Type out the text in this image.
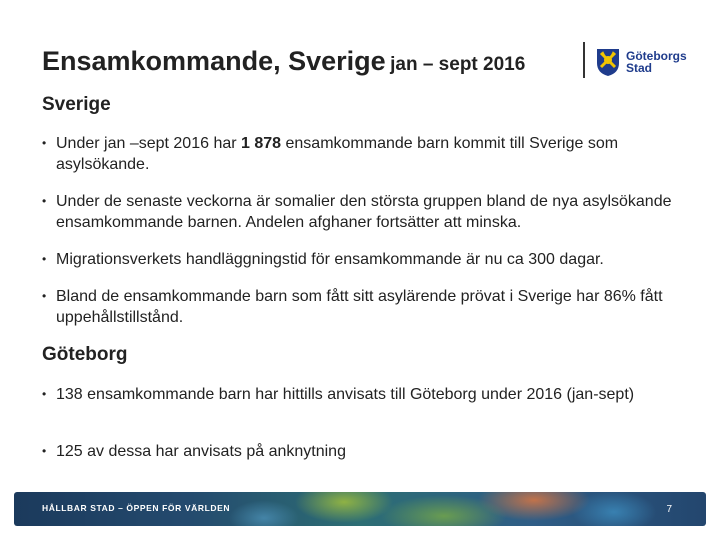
Ensamkommande, Sverige jan – sept 2016	Göteborgs
Stad
Sverige
• Under jan –sept 2016 har 1 878 ensamkommande barn kommit till Sverige som asylsökande.
• Under de senaste veckorna är somalier den största gruppen bland de nya asylsökande ensamkommande barnen. Andelen afghaner fortsätter att minska.
• Migrationsverkets handläggningstid för ensamkommande är nu ca 300 dagar.
• Bland de ensamkommande barn som fått sitt asylärende prövat i Sverige har 86% fått uppehållstillstånd.
Göteborg
• 138 ensamkommande barn har hittills anvisats till Göteborg under 2016 (jan-sept)
• 125 av dessa har anvisats på anknytning
HÅLLBAR STAD – ÖPPEN FÖR VÄRLDEN	7
